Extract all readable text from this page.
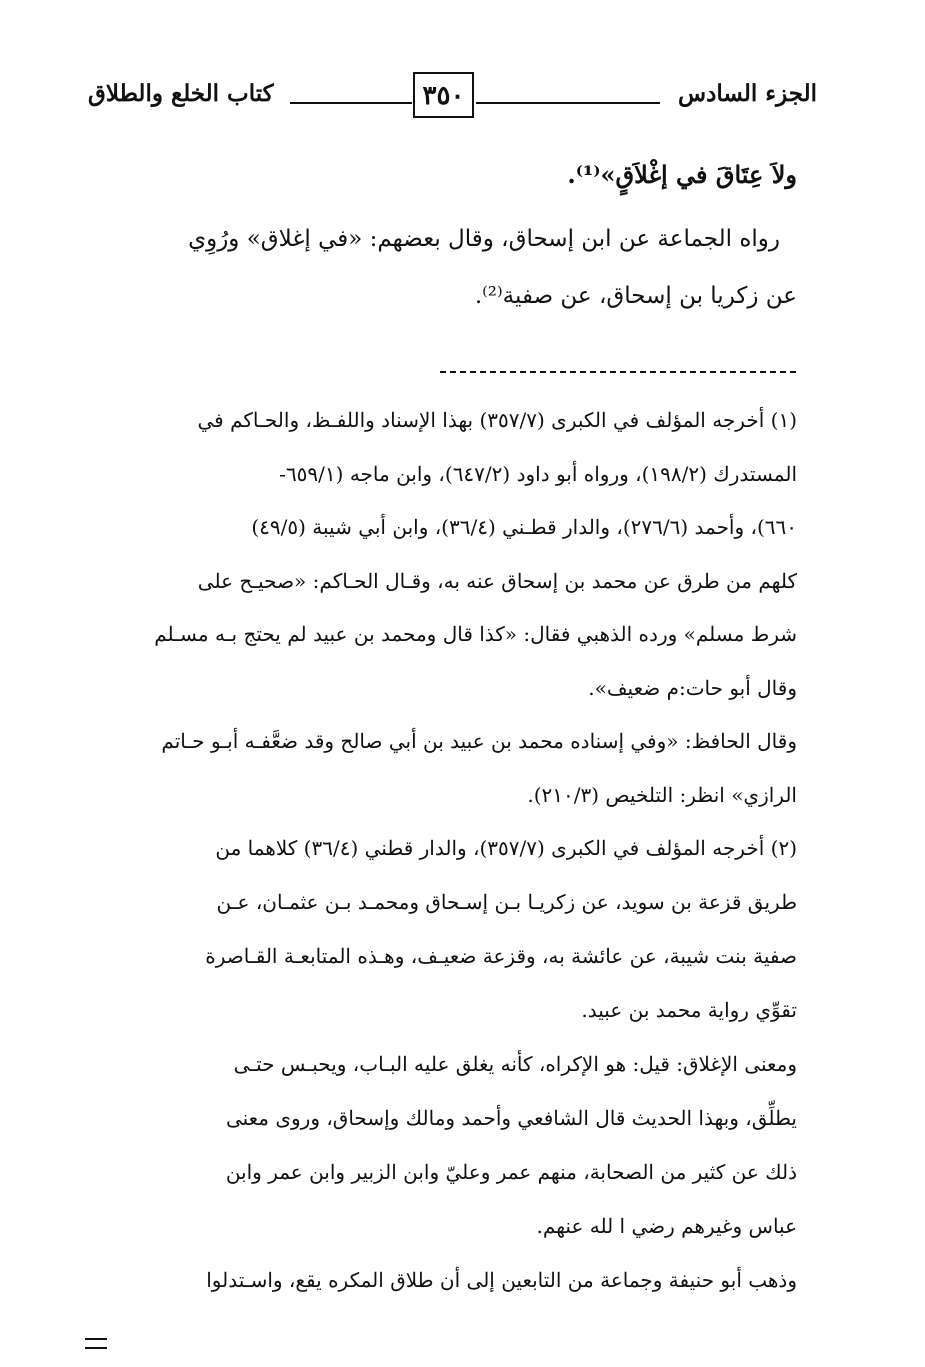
الجزء السادس
٣٥٠
كتاب الخلع والطلاق
ولاَ عِتَاقَ في إغْلاَقٍ»⁽¹⁾.
رواه الجماعة عن ابن إسحاق، وقال بعضهم: «في إغلاق» ورُوِي
عن زكريا بن إسحاق، عن صفية⁽²⁾.
(١) أخرجه المؤلف في الكبرى (٣٥٧/٧) بهذا الإسناد واللفـظ، والحـاكم في
المستدرك (١٩٨/٢)، ورواه أبو داود (٦٤٧/٢)، وابن ماجه (٦٥٩/١-
٦٦٠)، وأحمد (٢٧٦/٦)، والدار قطـني (٣٦/٤)، وابن أبي شيبة (٤٩/٥)
كلهم من طرق عن محمد بن إسحاق عنه به، وقـال الحـاكم: «صحيـح على
شرط مسلم» ورده الذهبي فقال: «كذا قال ومحمد بن عبيد لم يحتج بـه مسـلم
وقال أبو حات:م ضعيف».
وقال الحافظ: «وفي إسناده محمد بن عبيد بن أبي صالح وقد ضعَّفـه أبـو حـاتم
الرازي» انظر: التلخيص (٢١٠/٣).
(٢) أخرجه المؤلف في الكبرى (٣٥٧/٧)، والدار قطني (٣٦/٤) كلاهما من
طريق قزعة بن سويد، عن زكريـا بـن إسـحاق ومحمـد بـن عثمـان، عـن
صفية بنت شيبة، عن عائشة به، وقزعة ضعيـف، وهـذه المتابعـة القـاصرة
تقوِّي رواية محمد بن عبيد.
ومعنى الإغلاق: قيل: هو الإكراه، كأنه يغلق عليه البـاب، ويحبـس حتـى
يطلِّق، وبهذا الحديث قال الشافعي وأحمد ومالك وإسحاق، وروى معنى
ذلك عن كثير من الصحابة، منهم عمر وعليّ وابن الزبير وابن عمر وابن
عباس وغيرهم رضي ا لله عنهم.
وذهب أبو حنيفة وجماعة من التابعين إلى أن طلاق المكره يقع، واسـتدلوا
